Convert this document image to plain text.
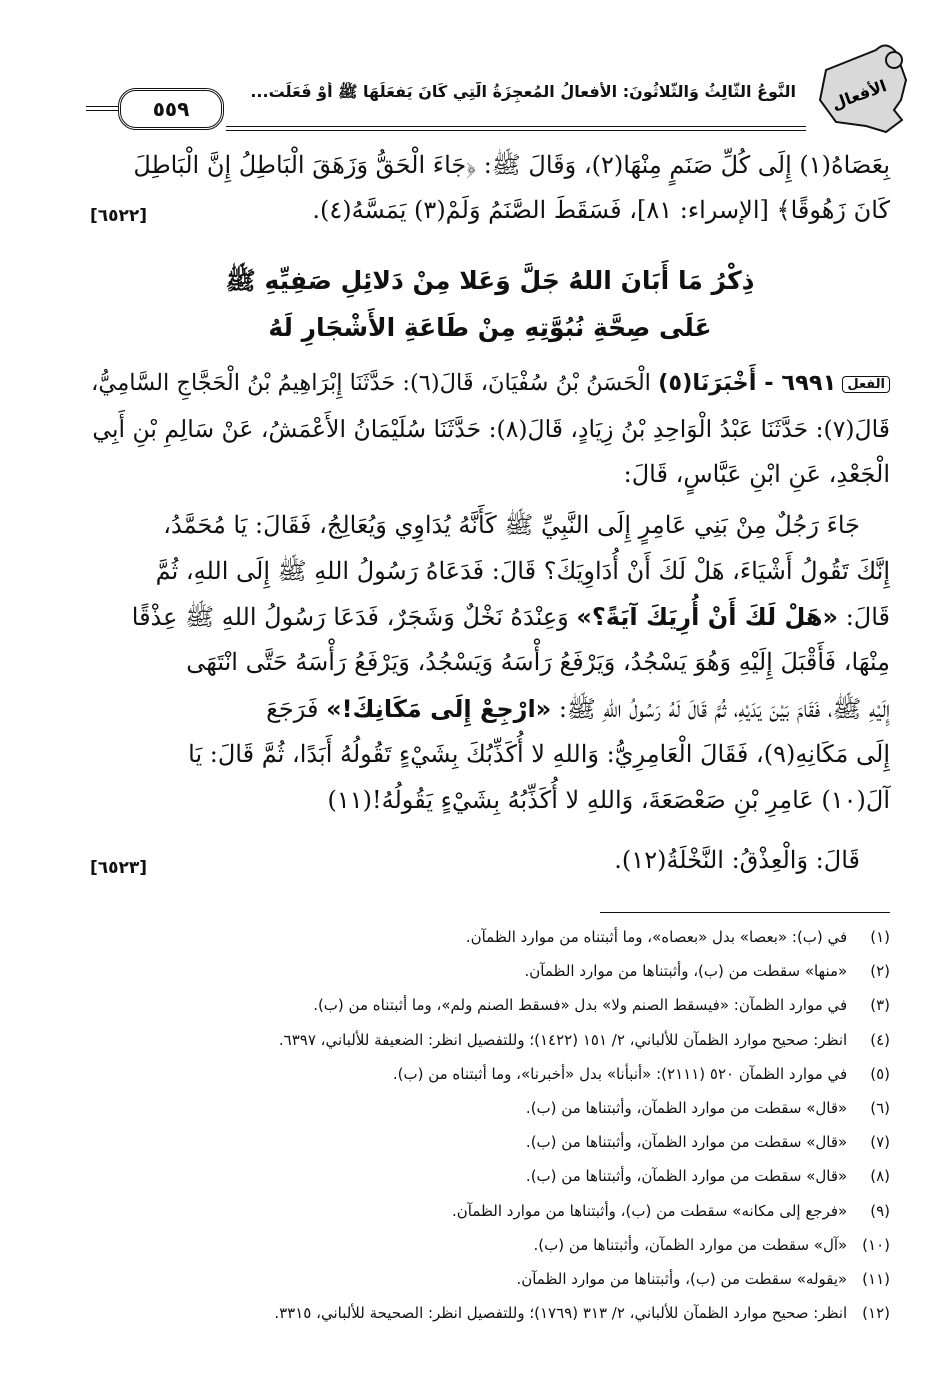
الأفعال
النَّوعُ الثَّالِثُ وَالثَّلاثُونَ: الأفعالُ المُعجِزَةُ الَّتِي كَانَ يَفعَلُهَا ﷺ أَوْ فَعَلَت...
٥٥٩
بِعَصَاهُ(١) إِلَى كُلِّ صَنَمٍ مِنْهَا(٢)، وَقَالَ ﷺ: ﴿جَاءَ الْحَقُّ وَزَهَقَ الْبَاطِلُ إِنَّ الْبَاطِلَ
كَانَ زَهُوقًا﴾ [الإسراء: ٨١]، فَسَقَطَ الصَّنَمُ وَلَمْ(٣) يَمَسَّهُ(٤).
[٦٥٢٢]
ذِكْرُ مَا أَبَانَ اللهُ جَلَّ وَعَلا مِنْ دَلائِلِ صَفِيِّهِ ﷺ
عَلَى صِحَّةِ نُبُوَّتِهِ مِنْ طَاعَةِ الأَشْجَارِ لَهُ
الفعل٦٩٩١ - أَخْبَرَنَا(٥) الْحَسَنُ بْنُ سُفْيَانَ، قَالَ(٦): حَدَّثَنَا إِبْرَاهِيمُ بْنُ الْحَجَّاجِ السَّامِيُّ،
قَالَ(٧): حَدَّثَنَا عَبْدُ الْوَاحِدِ بْنُ زِيَادٍ، قَالَ(٨): حَدَّثَنَا سُلَيْمَانُ الأَعْمَشُ، عَنْ سَالِمِ بْنِ أَبِي
الْجَعْدِ، عَنِ ابْنِ عَبَّاسٍ، قَالَ:
جَاءَ رَجُلٌ مِنْ بَنِي عَامِرٍ إِلَى النَّبِيِّ ﷺ كَأَنَّهُ يُدَاوِي وَيُعَالِجُ، فَقَالَ: يَا مُحَمَّدُ،
إِنَّكَ تَقُولُ أَشْيَاءَ، هَلْ لَكَ أَنْ أُدَاوِيَكَ؟ قَالَ: فَدَعَاهُ رَسُولُ اللهِ ﷺ إِلَى اللهِ، ثُمَّ
قَالَ: «هَلْ لَكَ أَنْ أُرِيَكَ آيَةً؟» وَعِنْدَهُ نَخْلٌ وَشَجَرٌ، فَدَعَا رَسُولُ اللهِ ﷺ عِذْقًا
مِنْهَا، فَأَقْبَلَ إِلَيْهِ وَهُوَ يَسْجُدُ، وَيَرْفَعُ رَأْسَهُ وَيَسْجُدُ، وَيَرْفَعُ رَأْسَهُ حَتَّى انْتَهَى
إِلَيْهِ ﷺ، فَقَامَ بَيْنَ يَدَيْهِ، ثُمَّ قَالَ لَهُ رَسُولُ اللهِ ﷺ: «ارْجِعْ إِلَى مَكَانِكَ!» فَرَجَعَ
إِلَى مَكَانِهِ(٩)، فَقَالَ الْعَامِرِيُّ: وَاللهِ لا أُكَذِّبُكَ بِشَيْءٍ تَقُولُهُ أَبَدًا، ثُمَّ قَالَ: يَا
آلَ(١٠) عَامِرِ بْنِ صَعْصَعَةَ، وَاللهِ لا أُكَذِّبُهُ بِشَيْءٍ يَقُولُهُ!(١١)
قَالَ: وَالْعِذْقُ: النَّخْلَةُ(١٢).
[٦٥٢٣]
(١) في (ب): «بعصا» بدل «بعصاه»، وما أثبتناه من موارد الظمآن.
(٢) «منها» سقطت من (ب)، وأثبتناها من موارد الظمآن.
(٣) في موارد الظمآن: «فيسقط الصنم ولا» بدل «فسقط الصنم ولم»، وما أثبتناه من (ب).
(٤) انظر: صحيح موارد الظمآن للألباني، ٢/ ١٥١ (١٤٢٢)؛ وللتفصيل انظر: الضعيفة للألباني، ٦٣٩٧.
(٥) في موارد الظمآن ٥٢٠ (٢١١١): «أنبأنا» بدل «أخبرنا»، وما أثبتناه من (ب).
(٦) «قال» سقطت من موارد الظمآن، وأثبتناها من (ب).
(٧) «قال» سقطت من موارد الظمآن، وأثبتناها من (ب).
(٨) «قال» سقطت من موارد الظمآن، وأثبتناها من (ب).
(٩) «فرجع إلى مكانه» سقطت من (ب)، وأثبتناها من موارد الظمآن.
(١٠) «آل» سقطت من موارد الظمآن، وأثبتناها من (ب).
(١١) «يقوله» سقطت من (ب)، وأثبتناها من موارد الظمآن.
(١٢) انظر: صحيح موارد الظمآن للألباني، ٢/ ٣١٣ (١٧٦٩)؛ وللتفصيل انظر: الصحيحة للألباني، ٣٣١٥.
